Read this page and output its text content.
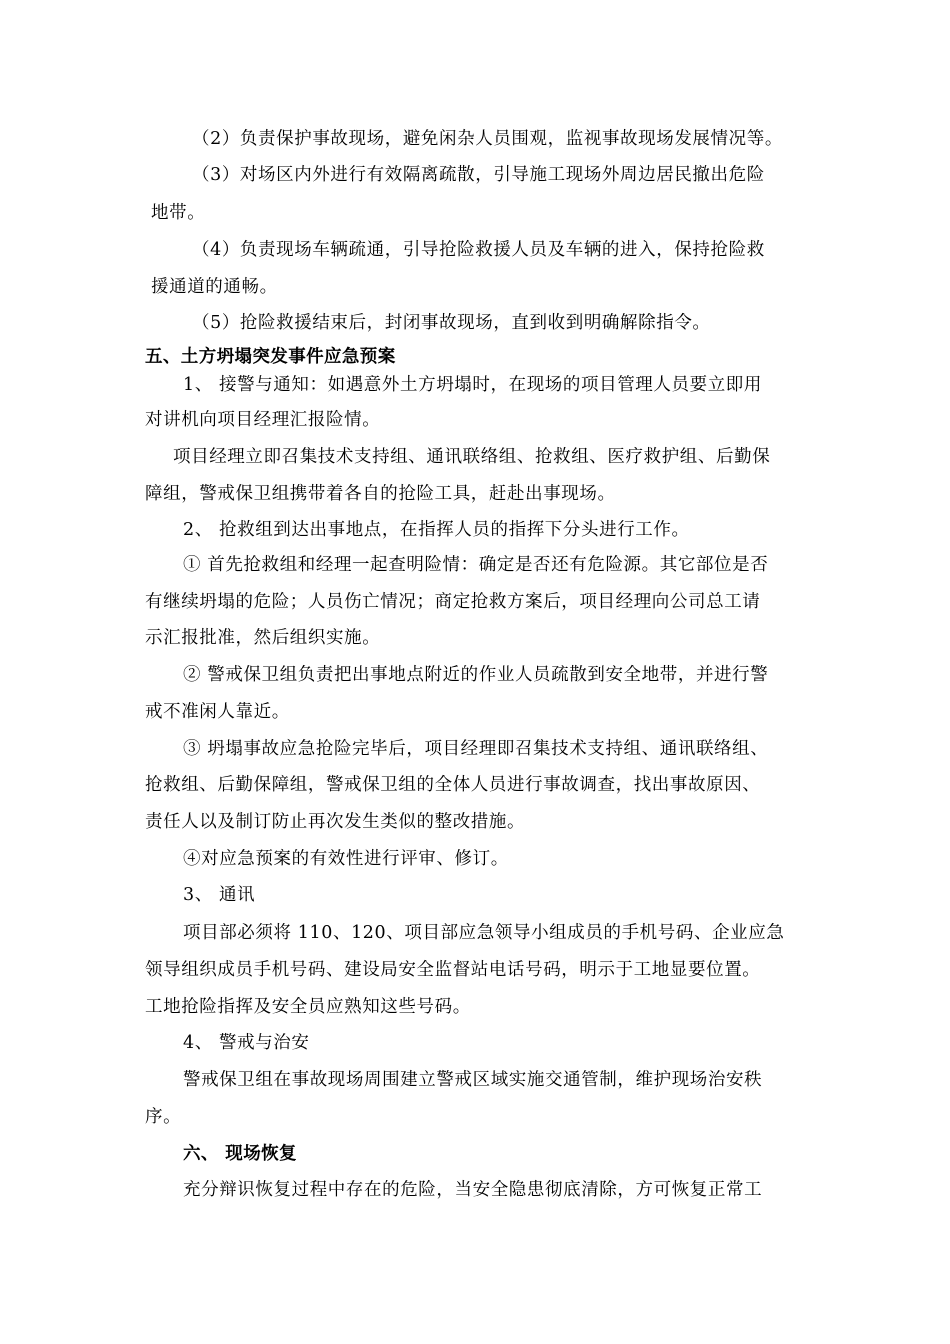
（2）负责保护事故现场，避免闲杂人员围观，监视事故现场发展情况等。
（3）对场区内外进行有效隔离疏散，引导施工现场外周边居民撤出危险
地带。
（4）负责现场车辆疏通，引导抢险救援人员及车辆的进入，保持抢险救
援通道的通畅。
（5）抢险救援结束后，封闭事故现场，直到收到明确解除指令。
五、土方坍塌突发事件应急预案
1、 接警与通知：如遇意外土方坍塌时，在现场的项目管理人员要立即用
对讲机向项目经理汇报险情。
项目经理立即召集技术支持组、通讯联络组、抢救组、医疗救护组、后勤保
障组，警戒保卫组携带着各自的抢险工具，赶赴出事现场。
2、 抢救组到达出事地点，在指挥人员的指挥下分头进行工作。
① 首先抢救组和经理一起查明险情：确定是否还有危险源。其它部位是否
有继续坍塌的危险；人员伤亡情况；商定抢救方案后，项目经理向公司总工请
示汇报批准，然后组织实施。
② 警戒保卫组负责把出事地点附近的作业人员疏散到安全地带，并进行警
戒不准闲人靠近。
③ 坍塌事故应急抢险完毕后，项目经理即召集技术支持组、通讯联络组、
抢救组、后勤保障组，警戒保卫组的全体人员进行事故调查，找出事故原因、
责任人以及制订防止再次发生类似的整改措施。
④对应急预案的有效性进行评审、修订。
3、 通讯
项目部必须将 110、120、项目部应急领导小组成员的手机号码、企业应急
领导组织成员手机号码、建设局安全监督站电话号码，明示于工地显要位置。
工地抢险指挥及安全员应熟知这些号码。
4、 警戒与治安
警戒保卫组在事故现场周围建立警戒区域实施交通管制，维护现场治安秩
序。
六、 现场恢复
充分辩识恢复过程中存在的危险，当安全隐患彻底清除，方可恢复正常工
